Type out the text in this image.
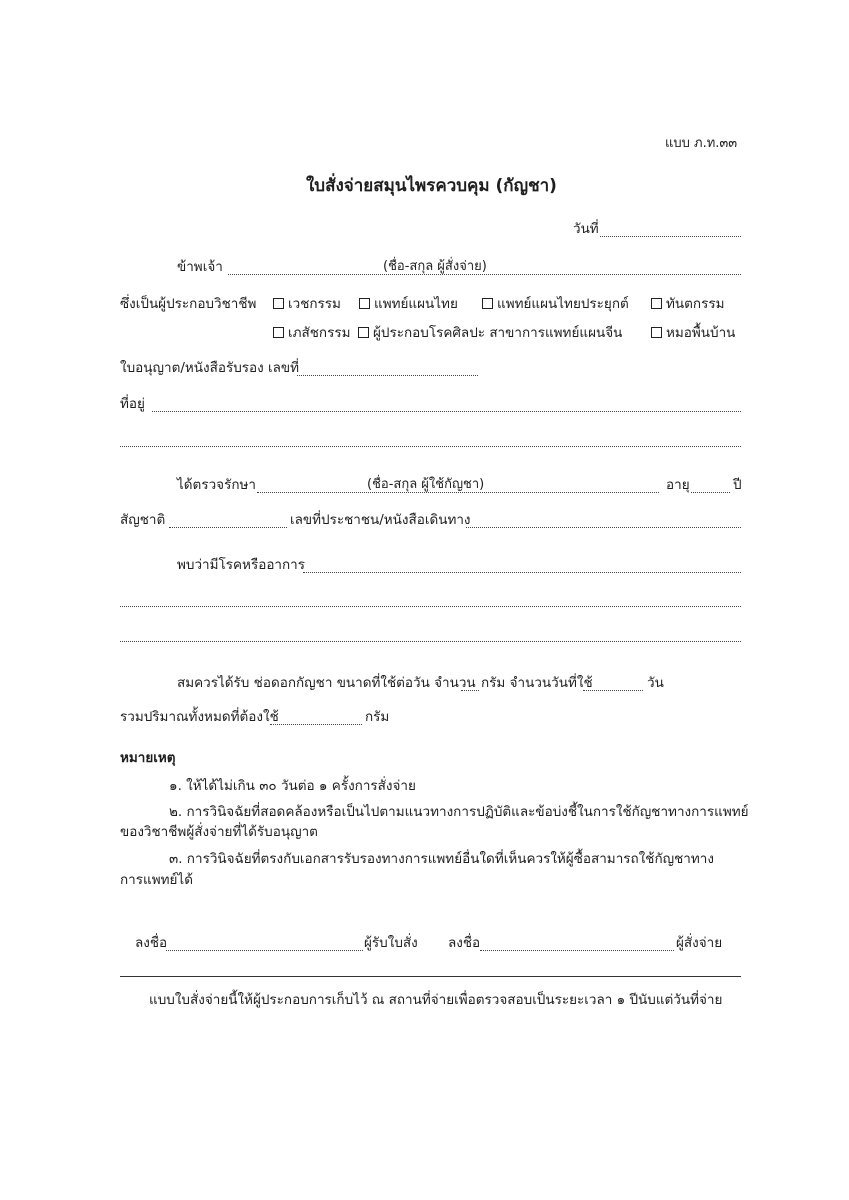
แบบ ภ.ท.๓๓
ใบสั่งจ่ายสมุนไพรควบคุม (กัญชา)
วันที่
ข้าพเจ้า	(ชื่อ-สกุล ผู้สั่งจ่าย)
ซึ่งเป็นผู้ประกอบวิชาชีพ	เวชกรรม	แพทย์แผนไทย	แพทย์แผนไทยประยุกต์	ทันตกรรม
เภสัชกรรม	ผู้ประกอบโรคศิลปะ สาขาการแพทย์แผนจีน	หมอพื้นบ้าน
ใบอนุญาต/หนังสือรับรอง เลขที่
ที่อยู่
ได้ตรวจรักษา	(ชื่อ-สกุล ผู้ใช้กัญชา)	อายุ	ปี
สัญชาติ	เลขที่ประชาชน/หนังสือเดินทาง
พบว่ามีโรคหรืออาการ
สมควรได้รับ ช่อดอกกัญชา ขนาดที่ใช้ต่อวัน จำนวน กรัม จำนวนวันที่ใช้	วัน
รวมปริมาณทั้งหมดที่ต้องใช้	กรัม
หมายเหตุ
๑. ให้ได้ไม่เกิน ๓๐ วันต่อ ๑ ครั้งการสั่งจ่าย
๒. การวินิจฉัยที่สอดคล้องหรือเป็นไปตามแนวทางการปฏิบัติและข้อบ่งชี้ในการใช้กัญชาทางการแพทย์
ของวิชาชีพผู้สั่งจ่ายที่ได้รับอนุญาต
๓. การวินิจฉัยที่ตรงกับเอกสารรับรองทางการแพทย์อื่นใดที่เห็นควรให้ผู้ซื้อสามารถใช้กัญชาทาง
การแพทย์ได้
ลงชื่อ	ผู้รับใบสั่ง ลงชื่อ	ผู้สั่งจ่าย
แบบใบสั่งจ่ายนี้ให้ผู้ประกอบการเก็บไว้ ณ สถานที่จ่ายเพื่อตรวจสอบเป็นระยะเวลา ๑ ปีนับแต่วันที่จ่าย
